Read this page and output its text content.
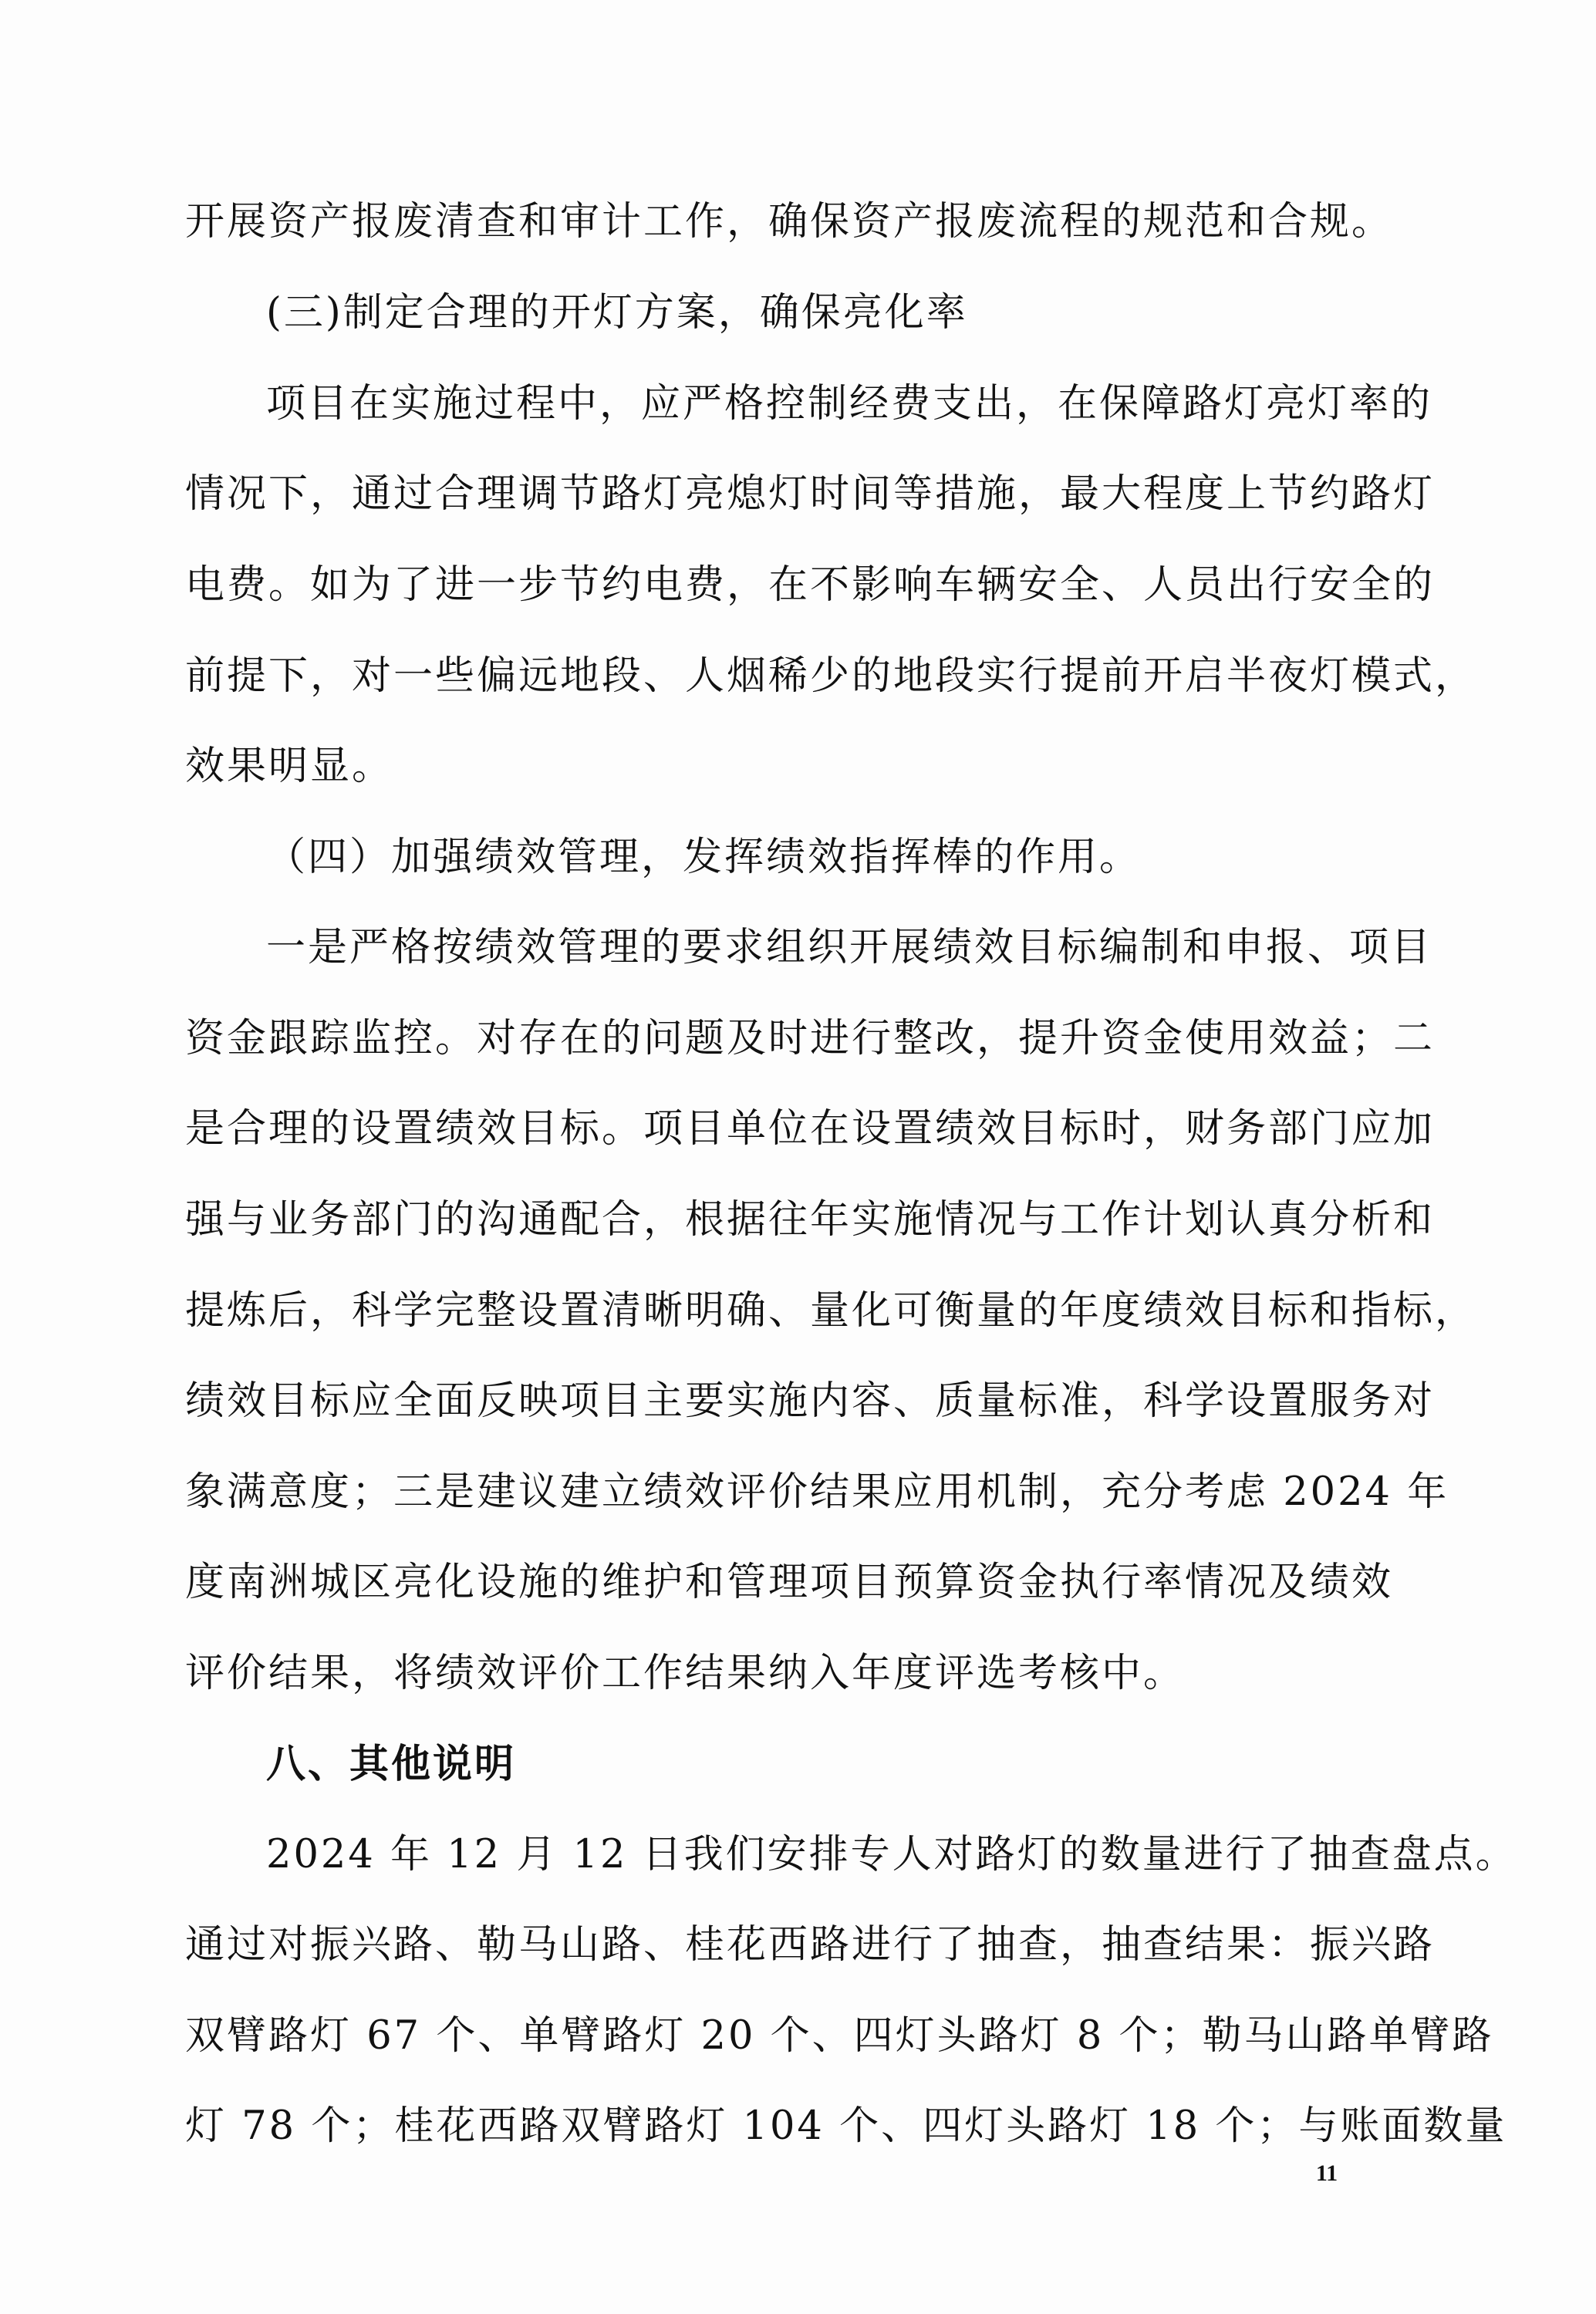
开展资产报废清查和审计工作，确保资产报废流程的规范和合规。
(三)制定合理的开灯方案，确保亮化率
项目在实施过程中，应严格控制经费支出，在保障路灯亮灯率的
情况下，通过合理调节路灯亮熄灯时间等措施，最大程度上节约路灯
电费。如为了进一步节约电费，在不影响车辆安全、人员出行安全的
前提下，对一些偏远地段、人烟稀少的地段实行提前开启半夜灯模式，
效果明显。
（四）加强绩效管理，发挥绩效指挥棒的作用。
一是严格按绩效管理的要求组织开展绩效目标编制和申报、项目
资金跟踪监控。对存在的问题及时进行整改，提升资金使用效益；二
是合理的设置绩效目标。项目单位在设置绩效目标时，财务部门应加
强与业务部门的沟通配合，根据往年实施情况与工作计划认真分析和
提炼后，科学完整设置清晰明确、量化可衡量的年度绩效目标和指标，
绩效目标应全面反映项目主要实施内容、质量标准，科学设置服务对
象满意度；三是建议建立绩效评价结果应用机制，充分考虑 2024 年
度南洲城区亮化设施的维护和管理项目预算资金执行率情况及绩效
评价结果，将绩效评价工作结果纳入年度评选考核中。
八、其他说明
2024 年 12 月 12 日我们安排专人对路灯的数量进行了抽查盘点。
通过对振兴路、勒马山路、桂花西路进行了抽查，抽查结果：振兴路
双臂路灯 67 个、单臂路灯 20 个、四灯头路灯 8 个；勒马山路单臂路
灯 78 个；桂花西路双臂路灯 104 个、四灯头路灯 18 个；与账面数量
11
